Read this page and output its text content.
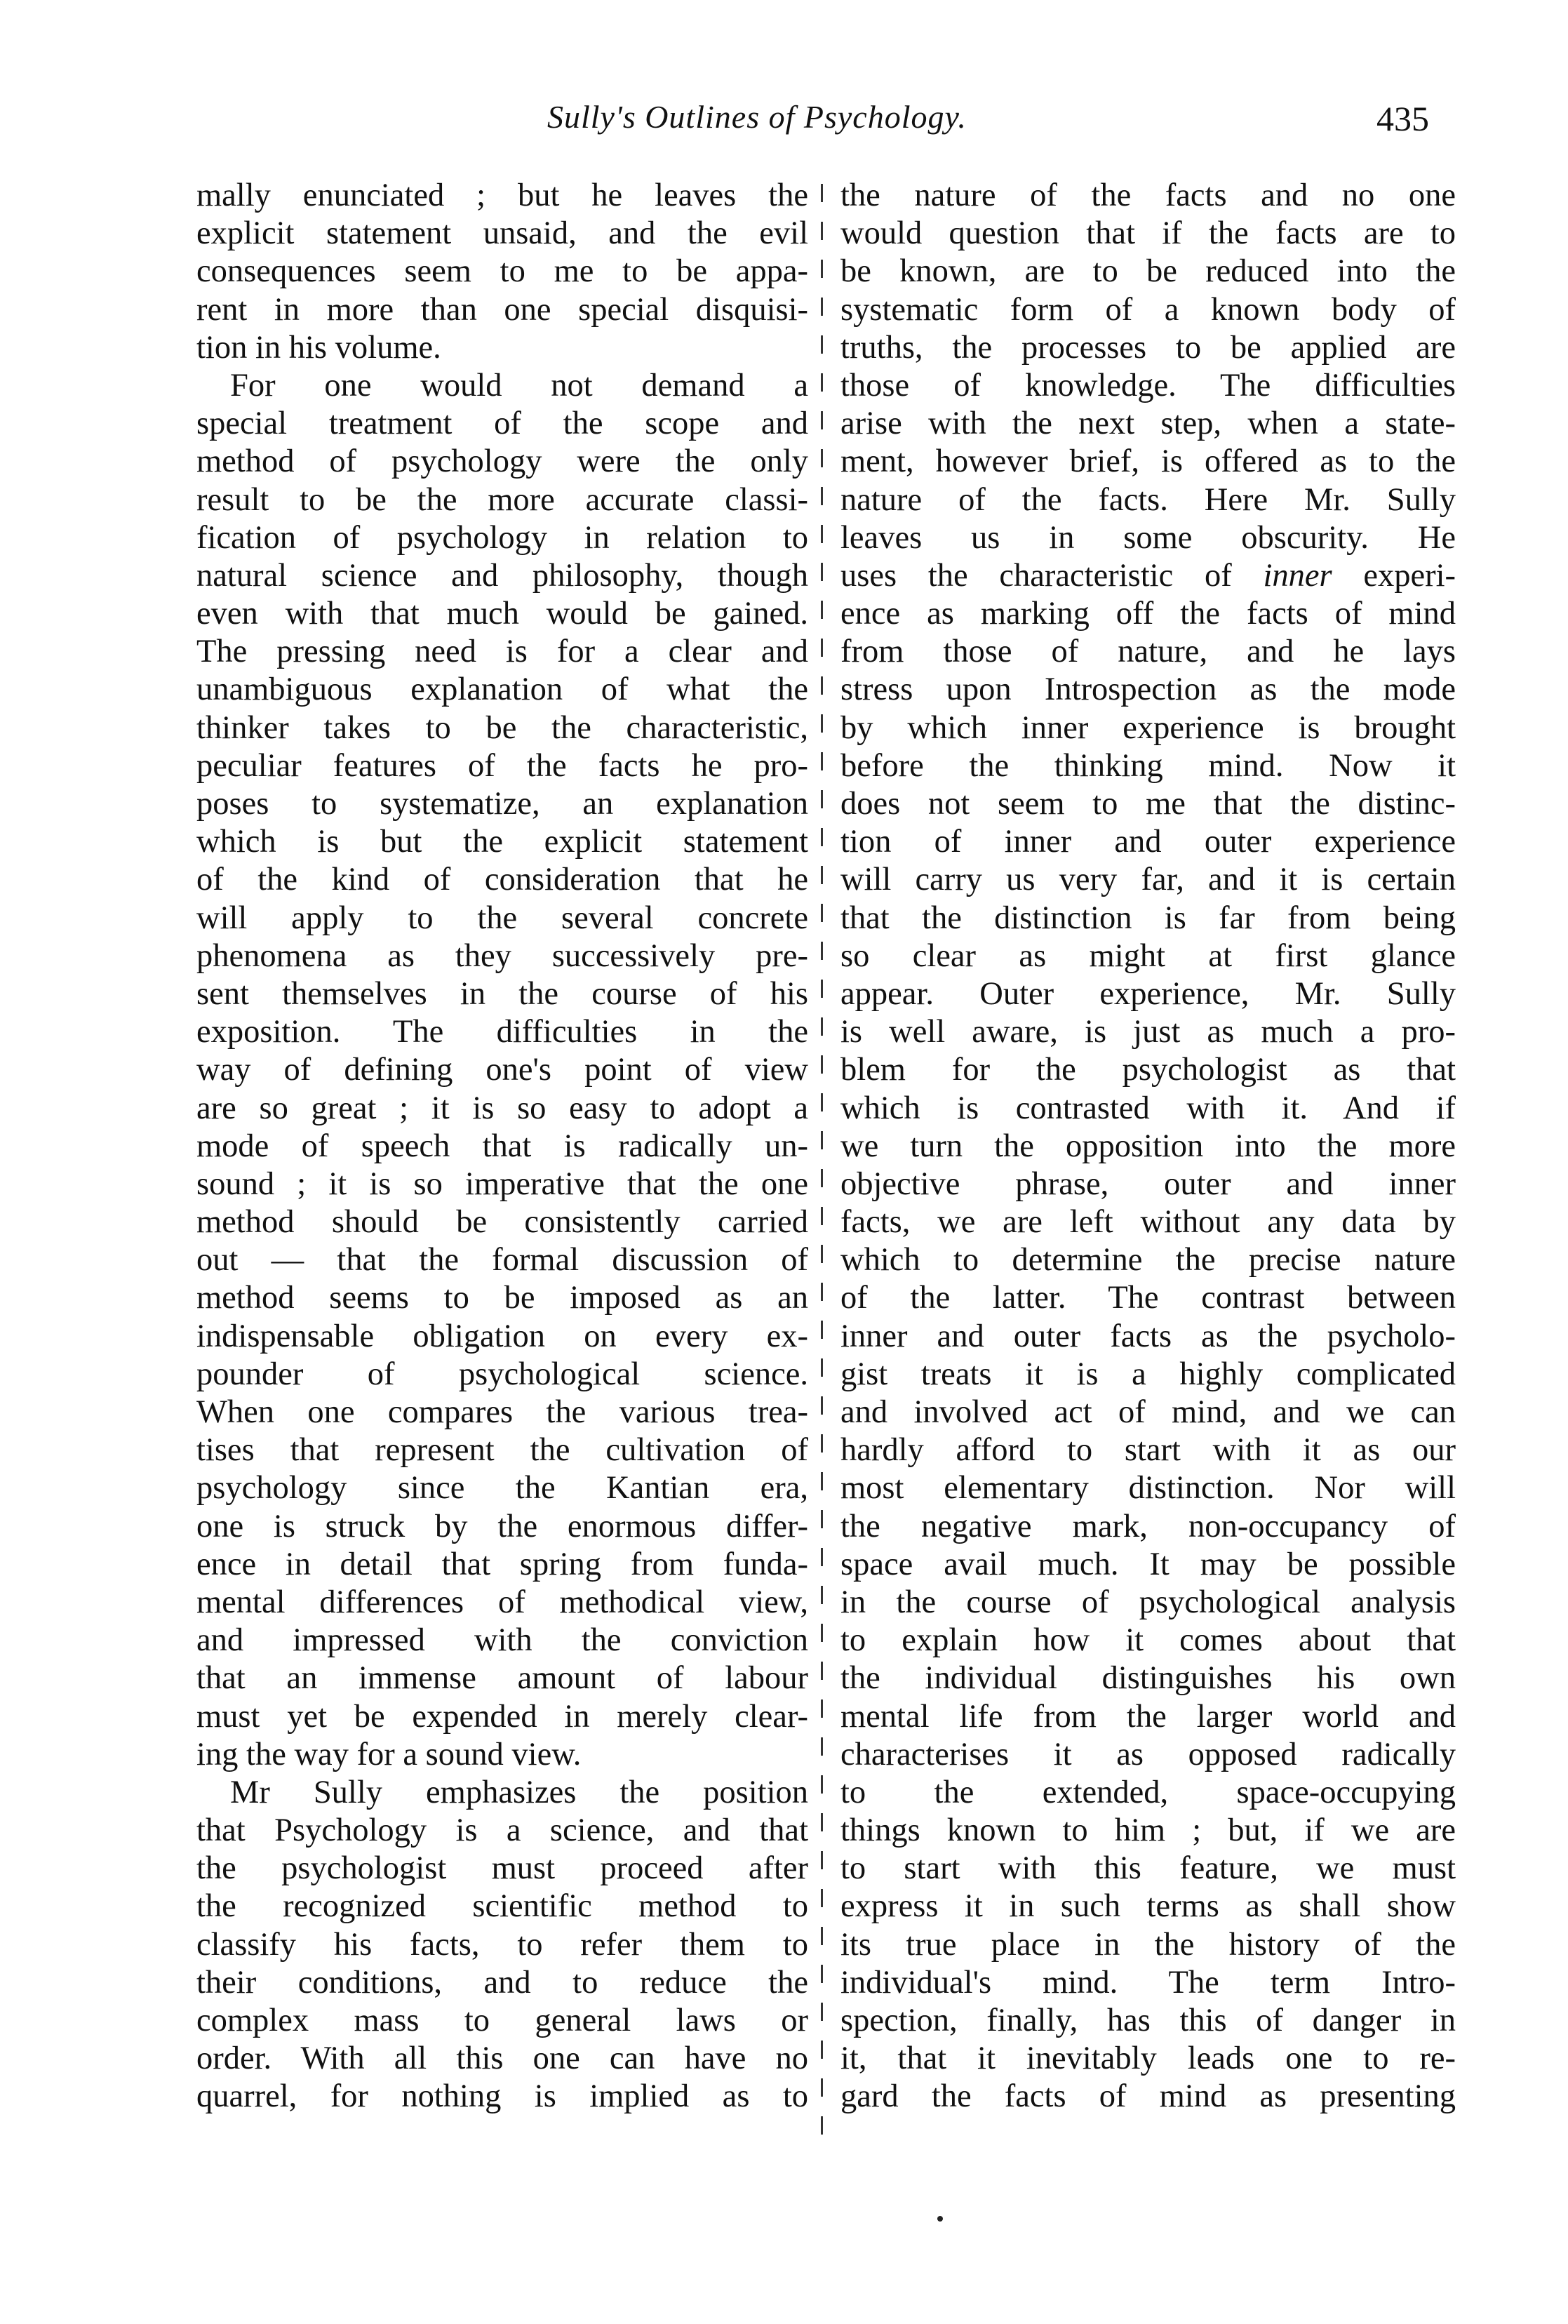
Sully's Outlines of Psychology.	435
mally enunciated ; but he leaves the
explicit statement unsaid, and the evil
consequences seem to me to be appa-
rent in more than one special disquisi-
tion in his volume.
For one would not demand a
special treatment of the scope and
method of psychology were the only
result to be the more accurate classi-
fication of psychology in relation to
natural science and philosophy, though
even with that much would be gained.
The pressing need is for a clear and
unambiguous explanation of what the
thinker takes to be the characteristic,
peculiar features of the facts he pro-
poses to systematize, an explanation
which is but the explicit statement
of the kind of consideration that he
will apply to the several concrete
phenomena as they successively pre-
sent themselves in the course of his
exposition. The difficulties in the
way of defining one's point of view
are so great ; it is so easy to adopt a
mode of speech that is radically un-
sound ; it is so imperative that the one
method should be consistently carried
out — that the formal discussion of
method seems to be imposed as an
indispensable obligation on every ex-
pounder of psychological science.
When one compares the various trea-
tises that represent the cultivation of
psychology since the Kantian era,
one is struck by the enormous differ-
ence in detail that spring from funda-
mental differences of methodical view,
and impressed with the conviction
that an immense amount of labour
must yet be expended in merely clear-
ing the way for a sound view.
Mr Sully emphasizes the position
that Psychology is a science, and that
the psychologist must proceed after
the recognized scientific method to
classify his facts, to refer them to
their conditions, and to reduce the
complex mass to general laws or
order. With all this one can have no
quarrel, for nothing is implied as to
the nature of the facts and no one
would question that if the facts are to
be known, are to be reduced into the
systematic form of a known body of
truths, the processes to be applied are
those of knowledge. The difficulties
arise with the next step, when a state-
ment, however brief, is offered as to the
nature of the facts. Here Mr. Sully
leaves us in some obscurity. He
uses the characteristic of inner experi-
ence as marking off the facts of mind
from those of nature, and he lays
stress upon Introspection as the mode
by which inner experience is brought
before the thinking mind. Now it
does not seem to me that the distinc-
tion of inner and outer experience
will carry us very far, and it is certain
that the distinction is far from being
so clear as might at first glance
appear. Outer experience, Mr. Sully
is well aware, is just as much a pro-
blem for the psychologist as that
which is contrasted with it. And if
we turn the opposition into the more
objective phrase, outer and inner
facts, we are left without any data by
which to determine the precise nature
of the latter. The contrast between
inner and outer facts as the psycholo-
gist treats it is a highly complicated
and involved act of mind, and we can
hardly afford to start with it as our
most elementary distinction. Nor will
the negative mark, non-occupancy of
space avail much. It may be possible
in the course of psychological analysis
to explain how it comes about that
the individual distinguishes his own
mental life from the larger world and
characterises it as opposed radically
to the extended, space-occupying
things known to him ; but, if we are
to start with this feature, we must
express it in such terms as shall show
its true place in the history of the
individual's mind. The term Intro-
spection, finally, has this of danger in
it, that it inevitably leads one to re-
gard the facts of mind as presenting
